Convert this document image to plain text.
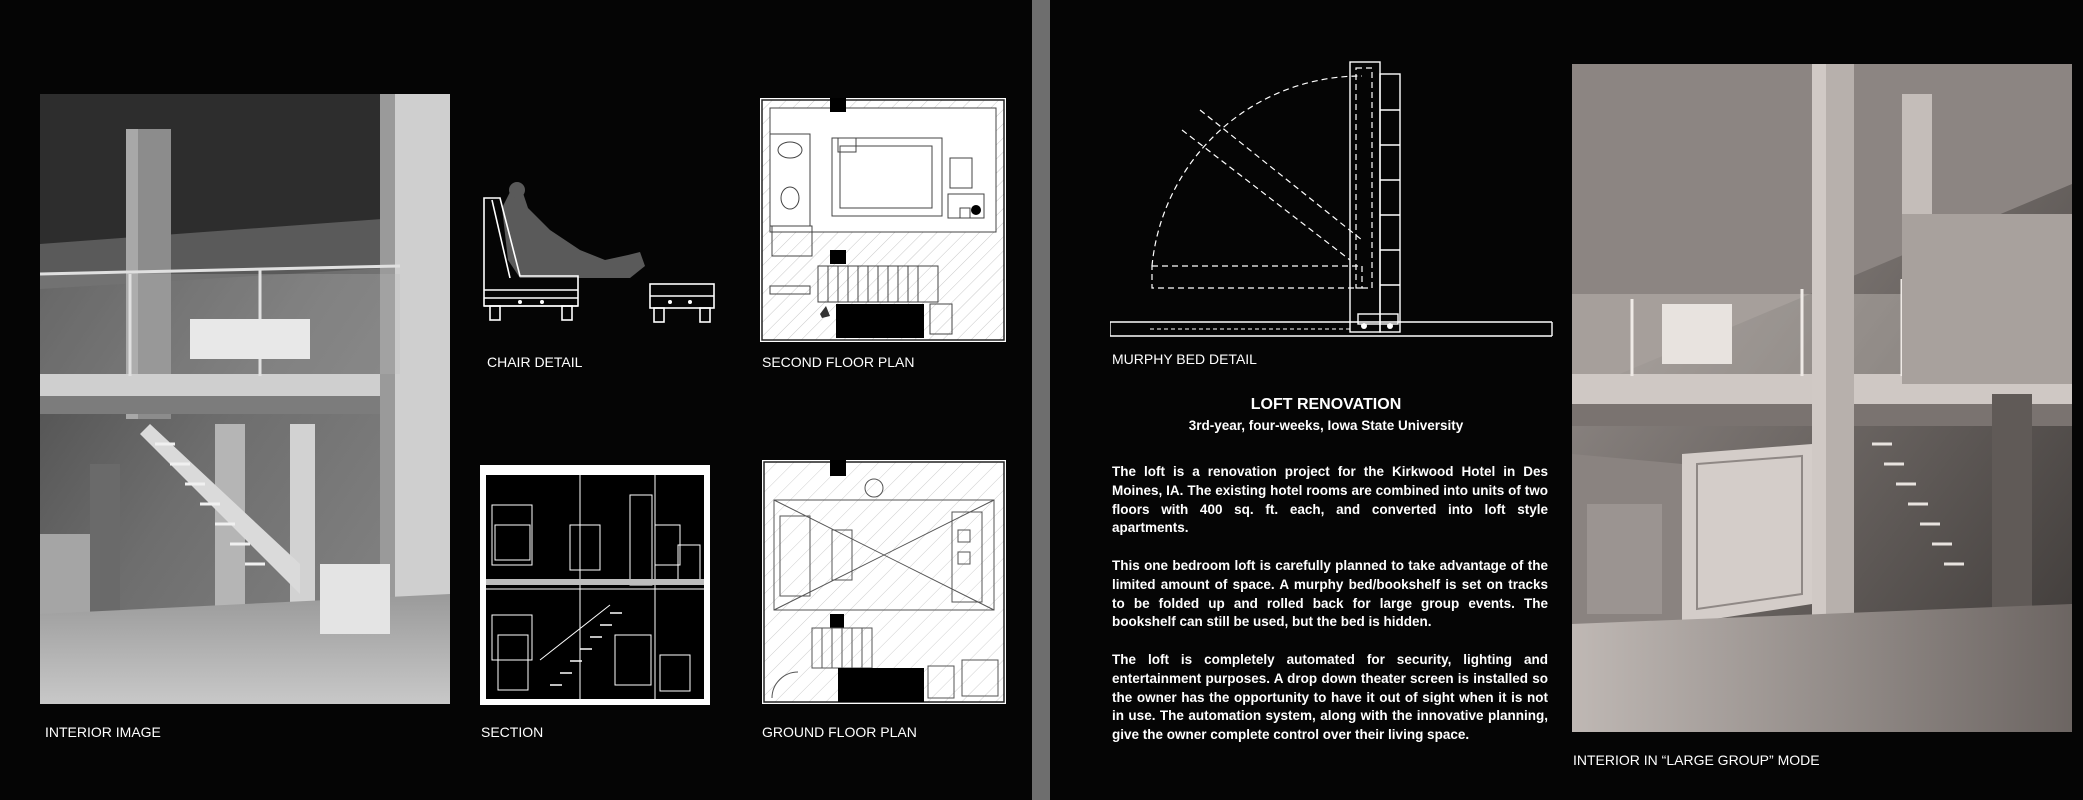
INTERIOR IMAGE
CHAIR DETAIL	SECOND FLOOR PLAN
SECTION	GROUND FLOOR PLAN
MURPHY BED DETAIL
LOFT RENOVATION
3rd-year, four-weeks, Iowa State University

The loft is a renovation project for the Kirkwood Hotel in Des Moines, IA. The existing hotel rooms are combined into units of two floors with 400 sq. ft. each, and converted into loft style apartments.

This one bedroom loft is carefully planned to take advantage of the limited amount of space. A murphy bed/bookshelf is set on tracks to be folded up and rolled back for large group events. The bookshelf can still be used, but the bed is hidden.

The loft is completely automated for security, lighting and entertainment purposes. A drop down theater screen is installed so the owner has the opportunity to have it out of sight when it is not in use. The automation system, along with the innovative planning, give the owner complete control over their living space.

INTERIOR IN “LARGE GROUP” MODE
